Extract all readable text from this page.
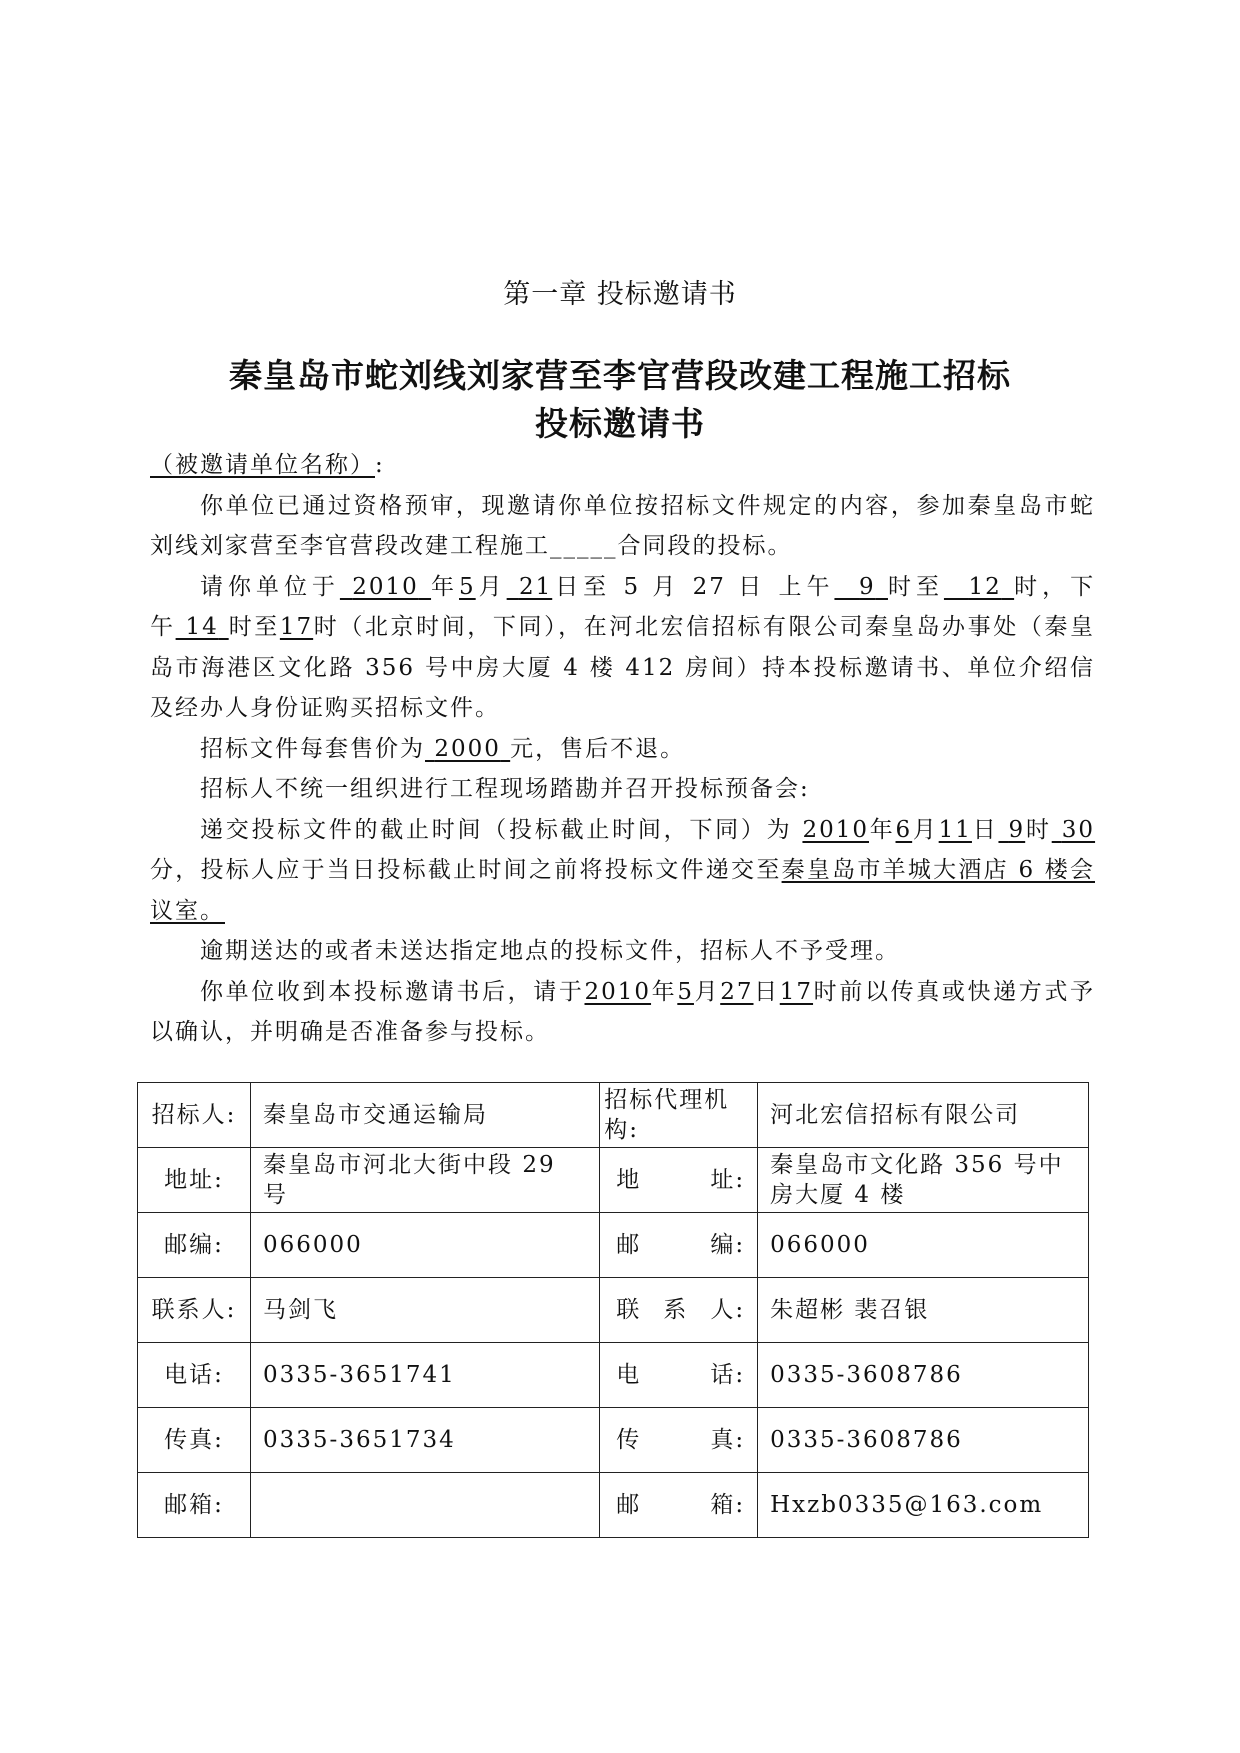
第一章 投标邀请书
秦皇岛市蛇刘线刘家营至李官营段改建工程施工招标
投标邀请书

（被邀请单位名称）:

你单位已通过资格预审，现邀请你单位按招标文件规定的内容，参加秦皇岛市蛇刘线刘家营至李官营段改建工程施工_____合同段的投标。

请你单位于 2010 年5月 21日至 5 月 27 日 上午 9 时至 12 时，下午 14 时至17时（北京时间，下同），在河北宏信招标有限公司秦皇岛办事处（秦皇岛市海港区文化路 356 号中房大厦 4 楼 412 房间）持本投标邀请书、单位介绍信及经办人身份证购买招标文件。

招标文件每套售价为 2000 元，售后不退。

招标人不统一组织进行工程现场踏勘并召开投标预备会:

递交投标文件的截止时间（投标截止时间，下同）为 2010年6月11日 9时 30分，投标人应于当日投标截止时间之前将投标文件递交至秦皇岛市羊城大酒店 6 楼会议室。

逾期送达的或者未送达指定地点的投标文件，招标人不予受理。

你单位收到本投标邀请书后，请于2010年5月27日17时前以传真或快递方式予以确认，并明确是否准备参与投标。

招标人:	秦皇岛市交通运输局	招标代理机构:	河北宏信招标有限公司
地址:	秦皇岛市河北大街中段 29 号	地 址:	秦皇岛市文化路 356 号中房大厦 4 楼
邮编:	066000	邮 编:	066000
联系人:	马剑飞	联 系 人:	朱超彬 裴召银
电话:	0335-3651741	电 话:	0335-3608786
传真:	0335-3651734	传 真:	0335-3608786
邮箱:		邮 箱:	Hxzb0335@163.com
